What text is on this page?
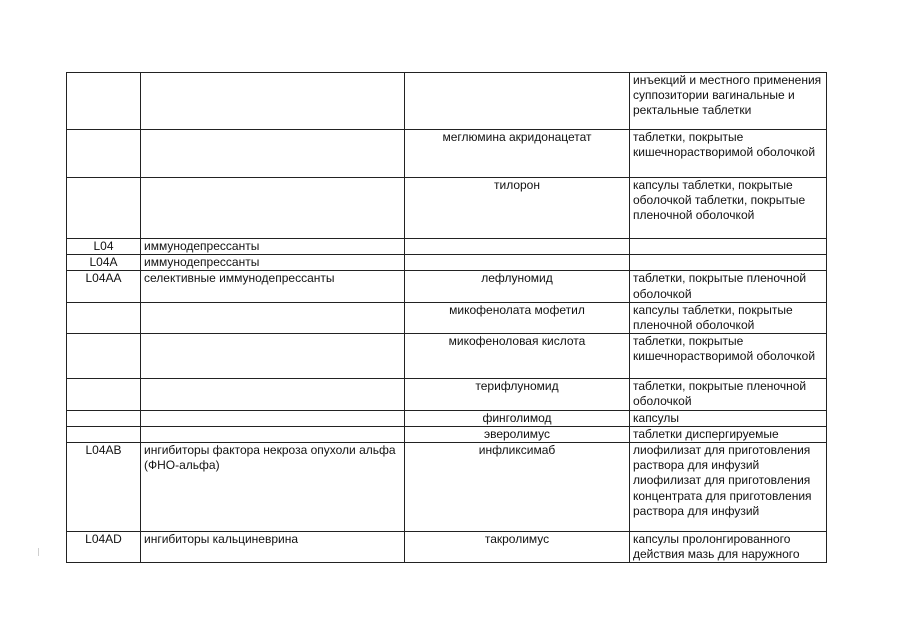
			инъекций и местного применения суппозитории вагинальные и ректальные таблетки
		меглюмина акридонацетат	таблетки, покрытые кишечнорастворимой оболочкой
		тилорон	капсулы таблетки, покрытые оболочкой таблетки, покрытые пленочной оболочкой
L04	иммунодепрессанты		
L04A	иммунодепрессанты		
L04AA	селективные иммунодепрессанты	лефлуномид	таблетки, покрытые пленочной оболочкой
		микофенолата мофетил	капсулы таблетки, покрытые пленочной оболочкой
		микофеноловая кислота	таблетки, покрытые кишечнорастворимой оболочкой
		терифлуномид	таблетки, покрытые пленочной оболочкой
		финголимод	капсулы
		эверолимус	таблетки диспергируемые
L04AB	ингибиторы фактора некроза опухоли альфа (ФНО-альфа)	инфликсимаб	лиофилизат для приготовления раствора для инфузий лиофилизат для приготовления концентрата для приготовления раствора для инфузий
L04AD	ингибиторы кальциневрина	такролимус	капсулы пролонгированного действия мазь для наружного
